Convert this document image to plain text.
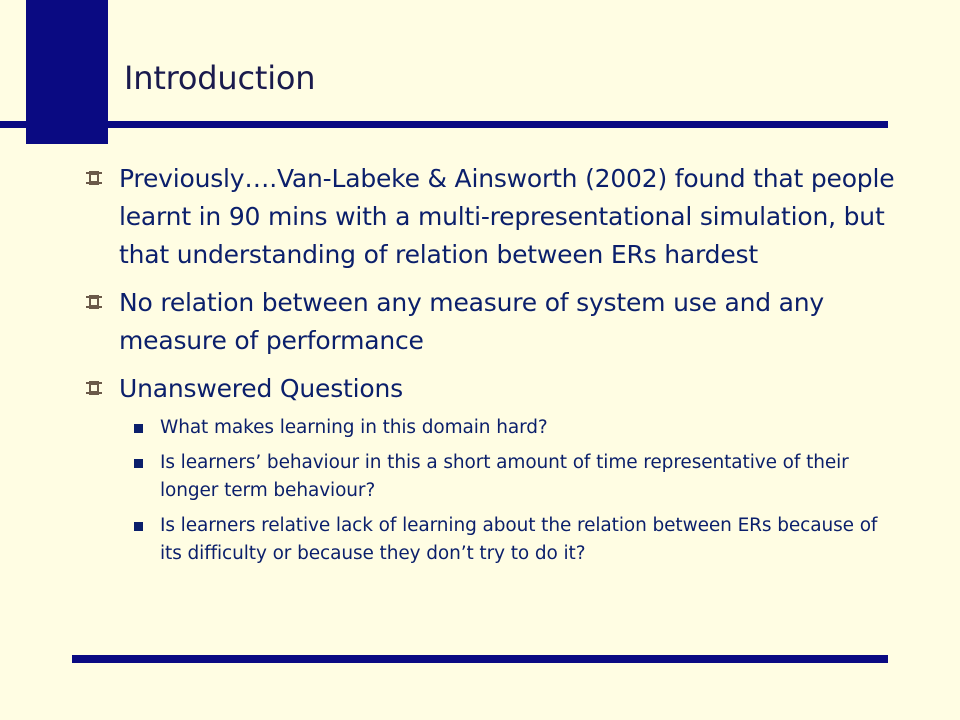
Introduction
Previously….Van-Labeke & Ainsworth (2002) found that people learnt in 90 mins with a multi-representational simulation, but that understanding of relation between ERs hardest
No relation between any measure of system use and any measure of performance
Unanswered Questions
What makes learning in this domain hard?
Is learners’ behaviour in this a short amount of time representative of their longer term behaviour?
Is learners relative lack of learning about the relation between ERs because of its difficulty or because they don’t try to do it?
